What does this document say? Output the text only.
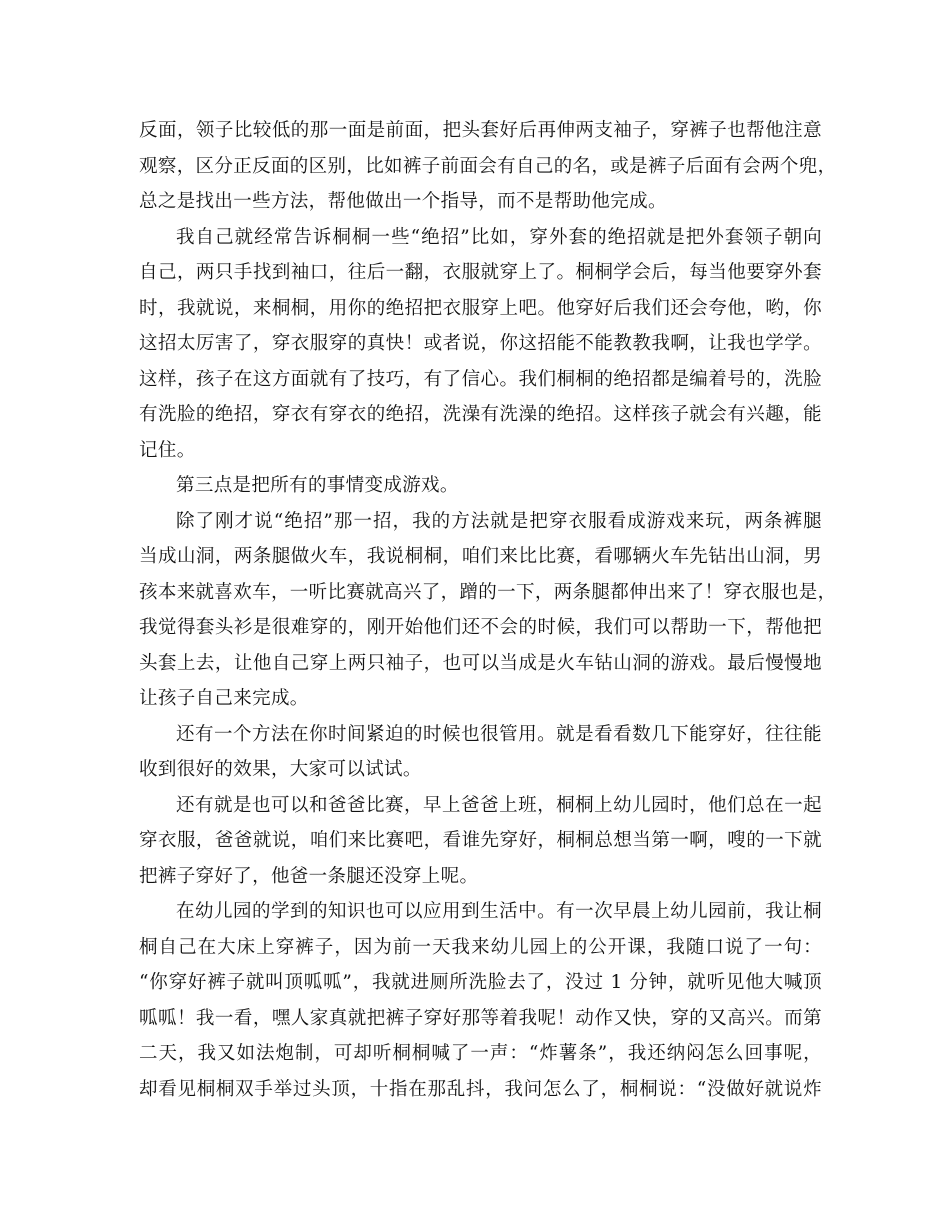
反面，领子比较低的那一面是前面，把头套好后再伸两支袖子，穿裤子也帮他注意
观察，区分正反面的区别，比如裤子前面会有自己的名，或是裤子后面有会两个兜，
总之是找出一些方法，帮他做出一个指导，而不是帮助他完成。
我自己就经常告诉桐桐一些“绝招”比如，穿外套的绝招就是把外套领子朝向
自己，两只手找到袖口，往后一翻，衣服就穿上了。桐桐学会后，每当他要穿外套
时，我就说，来桐桐，用你的绝招把衣服穿上吧。他穿好后我们还会夸他，哟，你
这招太厉害了，穿衣服穿的真快！或者说，你这招能不能教教我啊，让我也学学。
这样，孩子在这方面就有了技巧，有了信心。我们桐桐的绝招都是编着号的，洗脸
有洗脸的绝招，穿衣有穿衣的绝招，洗澡有洗澡的绝招。这样孩子就会有兴趣，能
记住。
第三点是把所有的事情变成游戏。
除了刚才说“绝招”那一招，我的方法就是把穿衣服看成游戏来玩，两条裤腿
当成山洞，两条腿做火车，我说桐桐，咱们来比比赛，看哪辆火车先钻出山洞，男
孩本来就喜欢车，一听比赛就高兴了，蹭的一下，两条腿都伸出来了！穿衣服也是，
我觉得套头衫是很难穿的，刚开始他们还不会的时候，我们可以帮助一下，帮他把
头套上去，让他自己穿上两只袖子，也可以当成是火车钻山洞的游戏。最后慢慢地
让孩子自己来完成。
还有一个方法在你时间紧迫的时候也很管用。就是看看数几下能穿好，往往能
收到很好的效果，大家可以试试。
还有就是也可以和爸爸比赛，早上爸爸上班，桐桐上幼儿园时，他们总在一起
穿衣服，爸爸就说，咱们来比赛吧，看谁先穿好，桐桐总想当第一啊，嗖的一下就
把裤子穿好了，他爸一条腿还没穿上呢。
在幼儿园的学到的知识也可以应用到生活中。有一次早晨上幼儿园前，我让桐
桐自己在大床上穿裤子，因为前一天我来幼儿园上的公开课，我随口说了一句：
“你穿好裤子就叫顶呱呱”，我就进厕所洗脸去了，没过 1 分钟，就听见他大喊顶
呱呱！我一看，嘿人家真就把裤子穿好那等着我呢！动作又快，穿的又高兴。而第
二天，我又如法炮制，可却听桐桐喊了一声：“炸薯条”，我还纳闷怎么回事呢，
却看见桐桐双手举过头顶，十指在那乱抖，我问怎么了，桐桐说：“没做好就说炸
